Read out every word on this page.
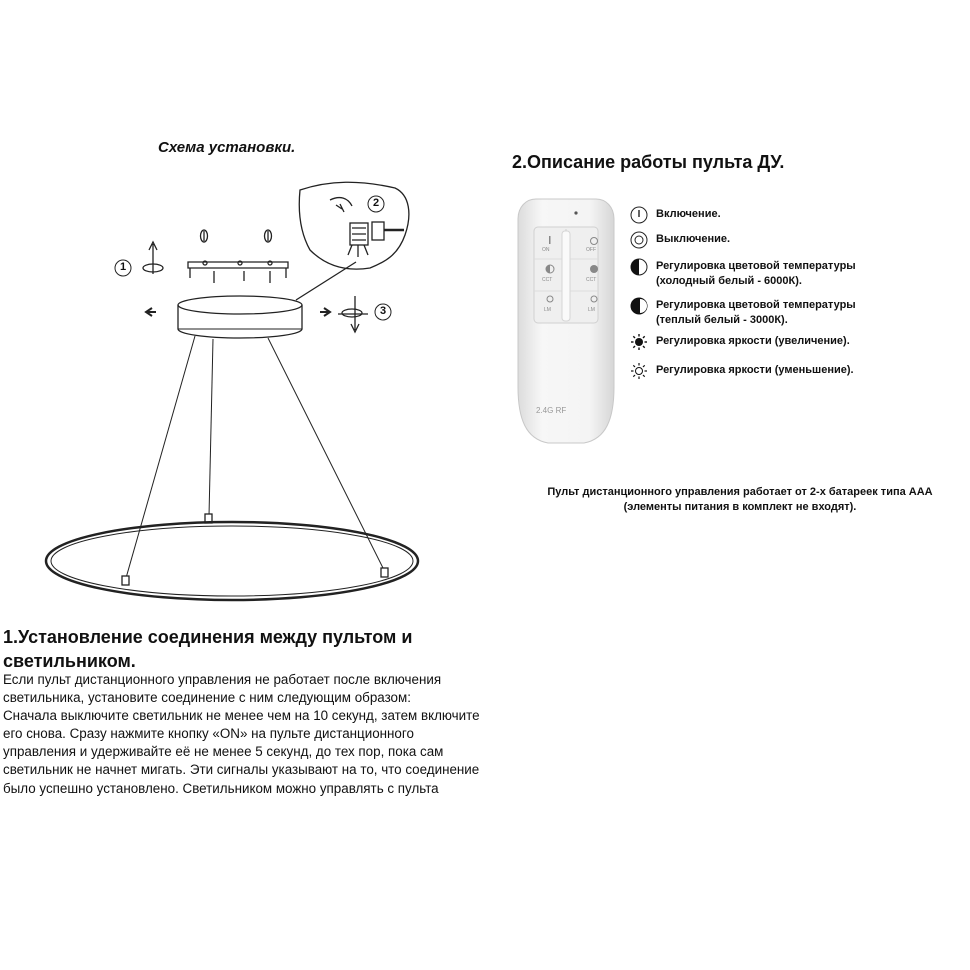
Схема установки.
1
2
3
2.Описание работы пульта ДУ.
ON	OFF
CCT	CCT
LM	LM
2.4G RF
Включение.
Выключение.
Регулировка цветовой температуры
(холодный белый - 6000К).
Регулировка цветовой температуры
(теплый белый - 3000К).
Регулировка яркости (увеличение).
Регулировка яркости (уменьшение).
Пульт дистанционного управления работает от 2-х батареек типа ААА
(элементы питания в комплект не входят).
1.Установление соединения между пультом и светильником.

Если пульт дистанционного управления не работает после включения светильника, установите соединение с ним следующим образом:

Сначала выключите светильник не менее чем на 10 секунд, затем включите его снова. Сразу нажмите кнопку «ON» на пульте дистанционного управления и удерживайте её не менее 5 секунд, до тех пор, пока сам светильник не начнет мигать. Эти сигналы указывают на то, что соединение было успешно установлено. Светильником можно управлять с пульта
